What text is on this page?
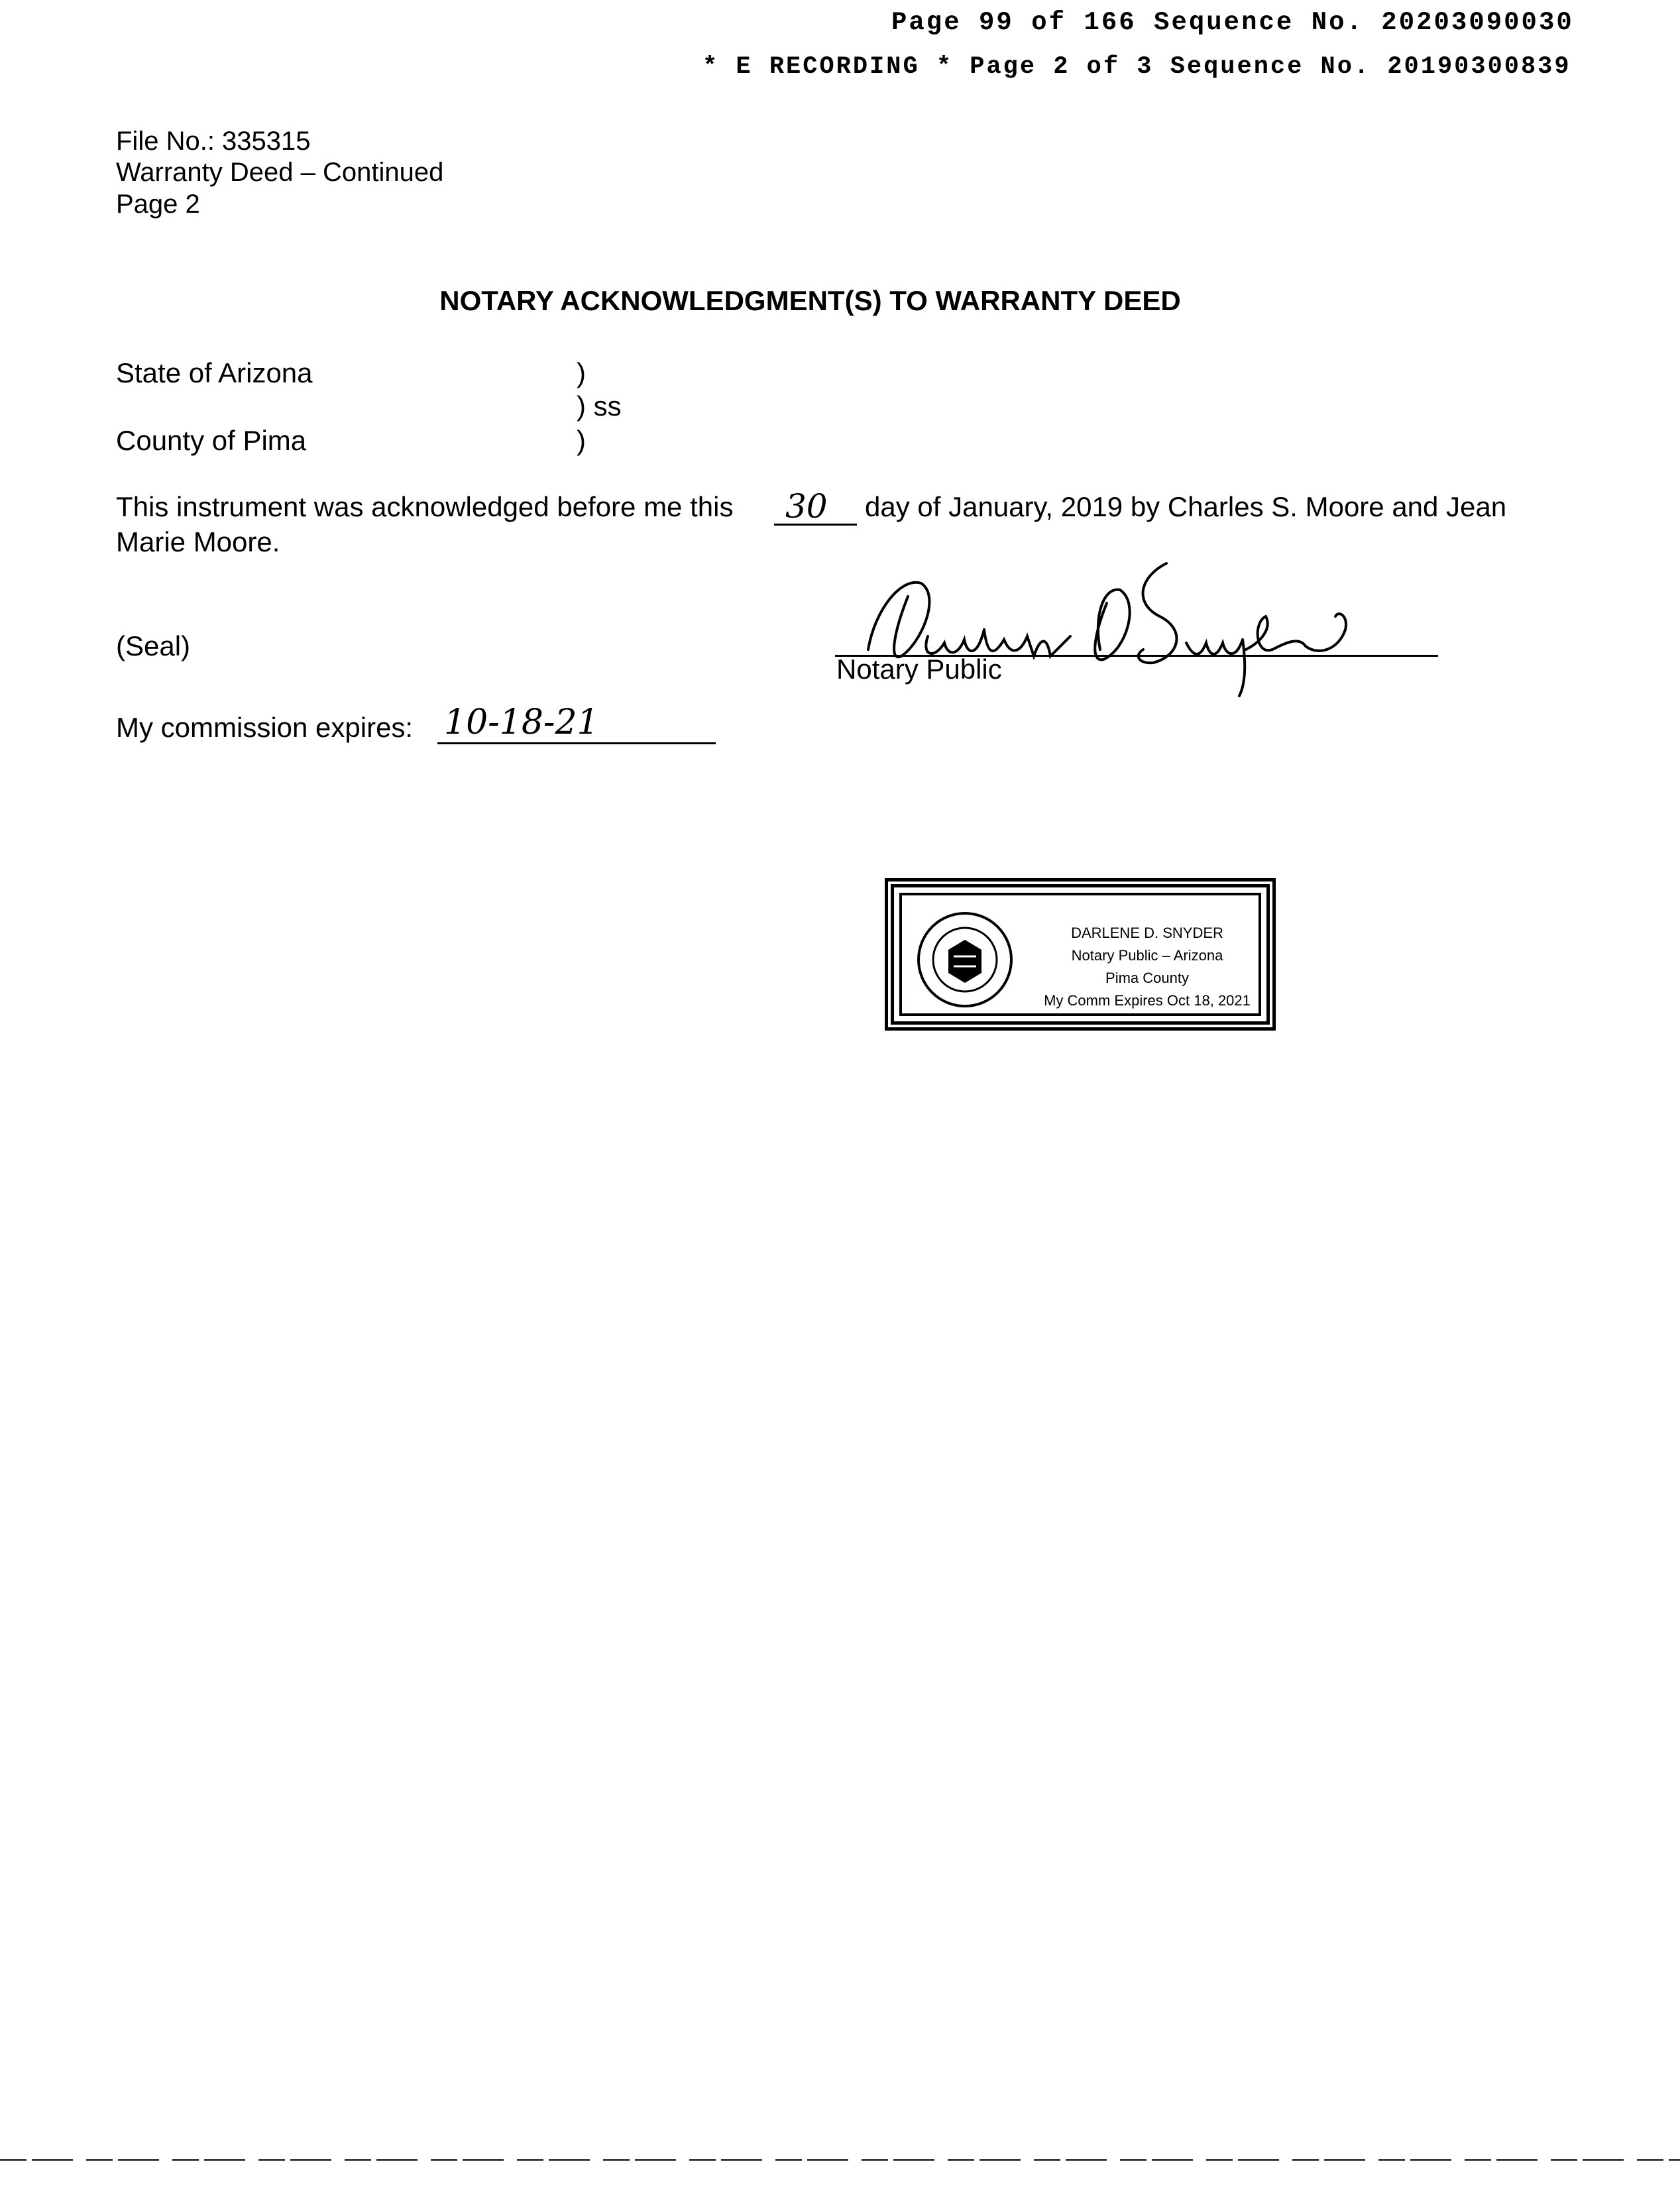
Page 99 of 166 Sequence No. 20203090030
* E RECORDING * Page 2 of 3 Sequence No. 20190300839
File No.: 335315
Warranty Deed – Continued
Page 2
NOTARY ACKNOWLEDGMENT(S) TO WARRANTY DEED
State of Arizona
County of Pima
)
) ss
)
This instrument was acknowledged before me this 30 day of January, 2019 by Charles S. Moore and Jean
Marie Moore.
(Seal)
Notary Public
My commission expires: 10-18-21
DARLENE D. SNYDER
Notary Public – Arizona
Pima County
My Comm Expires Oct 18, 2021
